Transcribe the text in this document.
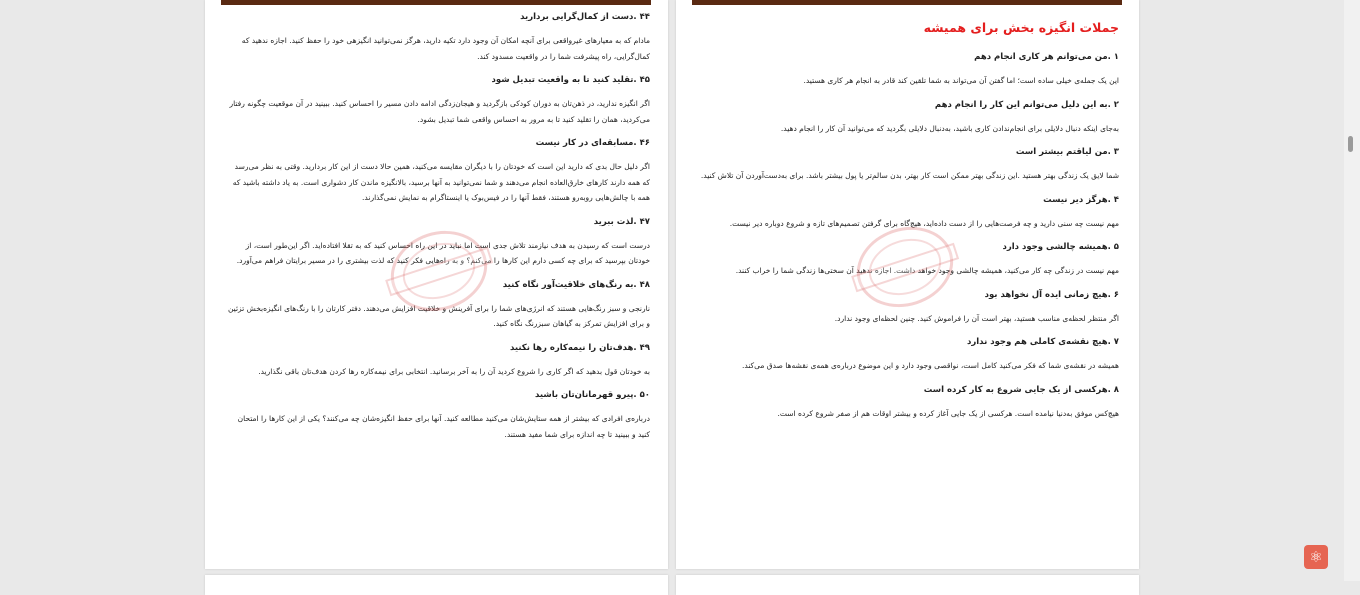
۴۴ .دست از کمال‌گرایی بردارید
مادام که به معیارهای غیرواقعی برای آنچه امکان آن وجود دارد تکیه دارید، هرگز نمی‌توانید انگیزهی خود را حفظ کنید. اجازه ندهید که کمال‌گرایی، راه پیشرفت شما را در واقعیت مسدود کند.
۴۵ .تقلید کنید تا به واقعیت تبدیل شود
اگر انگیزه ندارید، در ذهن‌تان به دوران کودکی بازگردید و هیجان‌زدگی ادامه دادن مسیر را احساس کنید. ببینید در آن موقعیت چگونه رفتار می‌کردید، همان را تقلید کنید تا به مرور به احساس واقعی شما تبدیل بشود.
۴۶ .مسابقه‌ای در کار نیست
اگر دلیل حال بدی که دارید این است که خودتان را با دیگران مقایسه می‌کنید، همین حالا دست از این کار بردارید. وقتی به نظر می‌رسد که همه دارند کارهای خارق‌العاده انجام می‌دهند و شما نمی‌توانید به آنها برسید، بالانگیزه ماندن کار دشواری است. به یاد داشته باشید که همه با چالش‌هایی روبه‌رو هستند، فقط آنها را در فیس‌بوک یا اینستاگرام به نمایش نمی‌گذارند.
۴۷ .لذت ببرید
درست است که رسیدن به هدف نیازمند تلاش جدی است اما نباید در این راه احساس کنید که به تقلا افتاده‌اید. اگر این‌طور است، از خودتان بپرسید که برای چه کسی دارم این کارها را می‌کنم؟ و به راه‌هایی فکر کنید که لذت بیشتری را در مسیر برایتان فراهم می‌آورد.
۴۸ .به رنگ‌های خلاقیت‌آور نگاه کنید
نارنجی و سبز رنگ‌هایی هستند که انرژی‌های شما را برای آفرینش و خلاقیت افزایش می‌دهند. دفتر کارتان را با رنگ‌های انگیزه‌بخش تزئین و برای افزایش تمرکز به گیاهان سبزرنگ نگاه کنید.
۴۹ .هدف‌تان را نیمه‌کاره رها نکنید
به خودتان قول بدهید که اگر کاری را شروع کردید آن را به آخر برسانید. انتخابی برای نیمه‌کاره رها کردن هدف‌تان باقی نگذارید.
۵۰ .پیرو قهرمانان‌تان باشید
درباره‌ی افرادی که بیشتر از همه ستایش‌شان می‌کنید مطالعه کنید. آنها برای حفظ انگیزه‌شان چه می‌کنند؟ یکی از این کارها را امتحان کنید و ببینید تا چه اندازه برای شما مفید هستند.
جملات انگیزه بخش برای همیشه
۱ .من می‌توانم هر کاری انجام دهم
این یک جمله‌ی خیلی ساده است؛ اما گفتن آن می‌تواند به شما تلقین کند قادر به انجام هر کاری هستید.
۲ .به این دلیل می‌توانم این کار را انجام دهم
به‌جای اینکه دنبال دلایلی برای انجام‌ندادن کاری باشید، به‌دنبال دلایلی بگردید که می‌توانید آن کار را انجام دهید.
۳ .من لیاقتم بیشتر است
شما لایق یک زندگی بهتر هستید .این زندگی بهتر ممکن است کار بهتر، بدن سالم‌تر یا پول بیشتر باشد. برای به‌دست‌آوردن آن تلاش کنید.
۴ .هرگز دیر نیست
مهم نیست چه سنی دارید و چه فرصت‌هایی را از دست داده‌اید، هیچ‌گاه برای گرفتن تصمیم‌های تازه و شروع دوباره دیر نیست.
۵ .همیشه چالشی وجود دارد
مهم نیست در زندگی چه کار می‌کنید، همیشه چالشی وجود خواهد داشت. اجازه ندهید آن سختی‌ها زندگی شما را خراب کنند.
۶ .هیچ زمانی ایده ‌آل نخواهد بود
اگر منتظر لحظه‌ی مناسب هستید، بهتر است آن را فراموش کنید. چنین لحظه‌ای وجود ندارد.
۷ .هیچ نقشه‌ی کاملی هم وجود ندارد
همیشه در نقشه‌ی شما که فکر می‌کنید کامل است، نواقصی وجود دارد و این موضوع درباره‌ی همه‌ی نقشه‌ها صدق می‌کند.
۸ .هرکسی از یک جایی شروع به کار کرده است
هیچ‌کس موفق به‌دنیا نیامده است. هرکسی از یک جایی آغاز کرده و بیشتر اوقات هم از صفر شروع کرده است.
⚛
